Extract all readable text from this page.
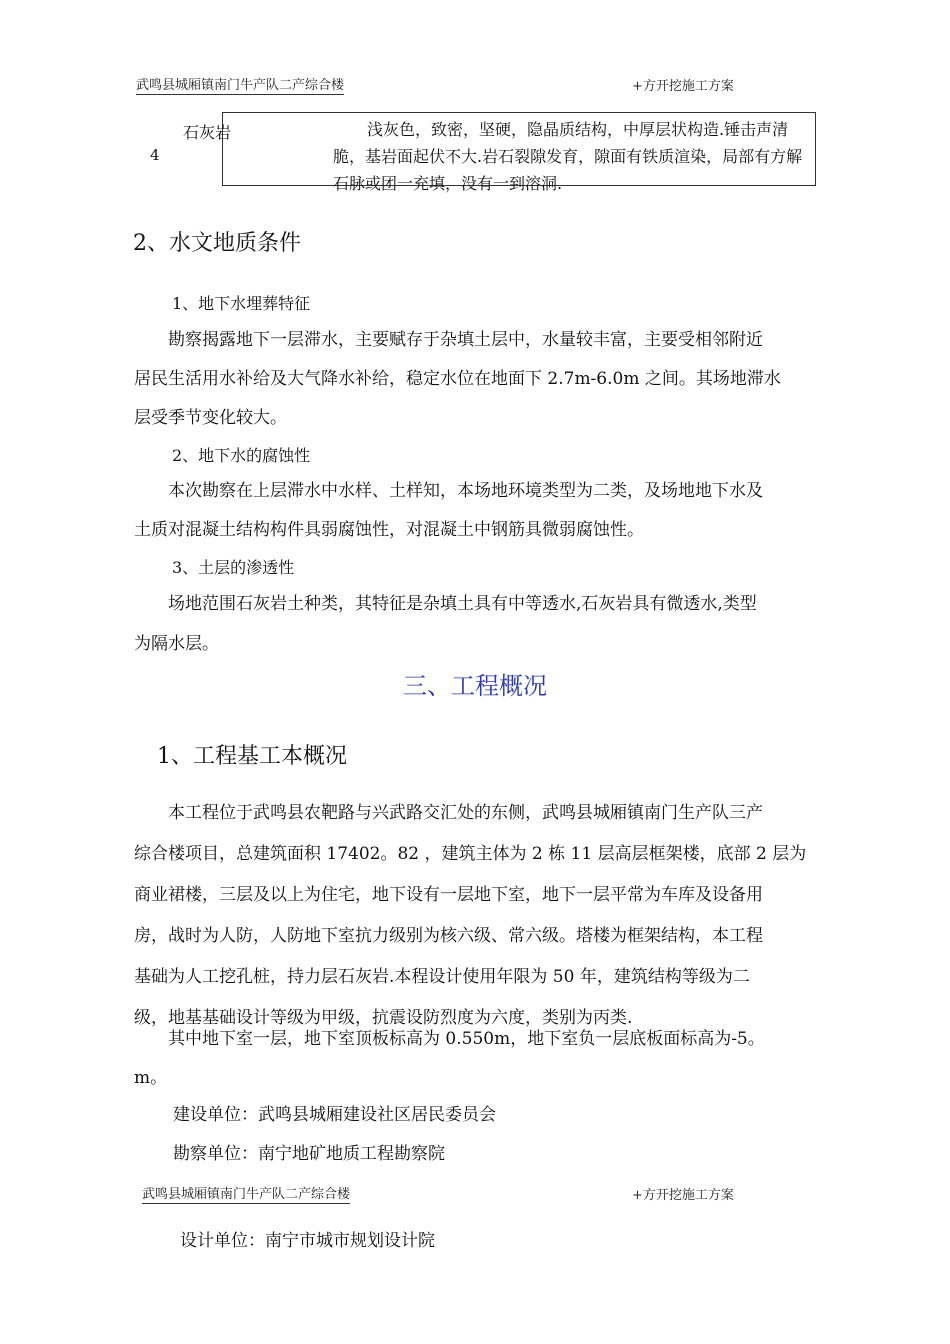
武鸣县城厢镇南门牛产队二产综合楼	+方开挖施工方案
4
石灰岩	浅灰色，致密，坚硬，隐晶质结构，中厚层状构造.锤击声清

脆，基岩面起伏不大.岩石裂隙发育，隙面有铁质渲染，局部有方解

石脉或团一充填，没有一到溶洞.

2、水文地质条件
1、地下水埋葬特征

　　勘察揭露地下一层滞水，主要赋存于杂填土层中，水量较丰富，主要受相邻附近

居民生活用水补给及大气降水补给，稳定水位在地面下 2.7m-6.0m 之间。其场地滞水

层受季节变化较大。

2、地下水的腐蚀性

　　本次勘察在上层滞水中水样、土样知，本场地环境类型为二类，及场地地下水及

土质对混凝土结构构件具弱腐蚀性，对混凝土中钢筋具微弱腐蚀性。

3、土层的渗透性

　　场地范围石灰岩土种类，其特征是杂填土具有中等透水,石灰岩具有微透水,类型

为隔水层。

三、工程概况
1、工程基工本概况

　　本工程位于武鸣县农靶路与兴武路交汇处的东侧，武鸣县城厢镇南门生产队三产

综合楼项目，总建筑面积 17402。82 ，建筑主体为 2 栋 11 层高层框架楼，底部 2 层为

商业裙楼，三层及以上为住宅，地下设有一层地下室，地下一层平常为车库及设备用

房，战时为人防，人防地下室抗力级别为核六级、常六级。塔楼为框架结构，本工程

基础为人工挖孔桩，持力层石灰岩.本程设计使用年限为 50 年，建筑结构等级为二

级，地基基础设计等级为甲级，抗震设防烈度为六度，类别为丙类.

　　其中地下室一层，地下室顶板标高为 0.550m，地下室负一层底板面标高为-5。

m。

建设单位：武鸣县城厢建设社区居民委员会
勘察单位：南宁地矿地质工程勘察院
武鸣县城厢镇南门牛产队二产综合楼	+方开挖施工方案
设计单位：南宁市城市规划设计院
